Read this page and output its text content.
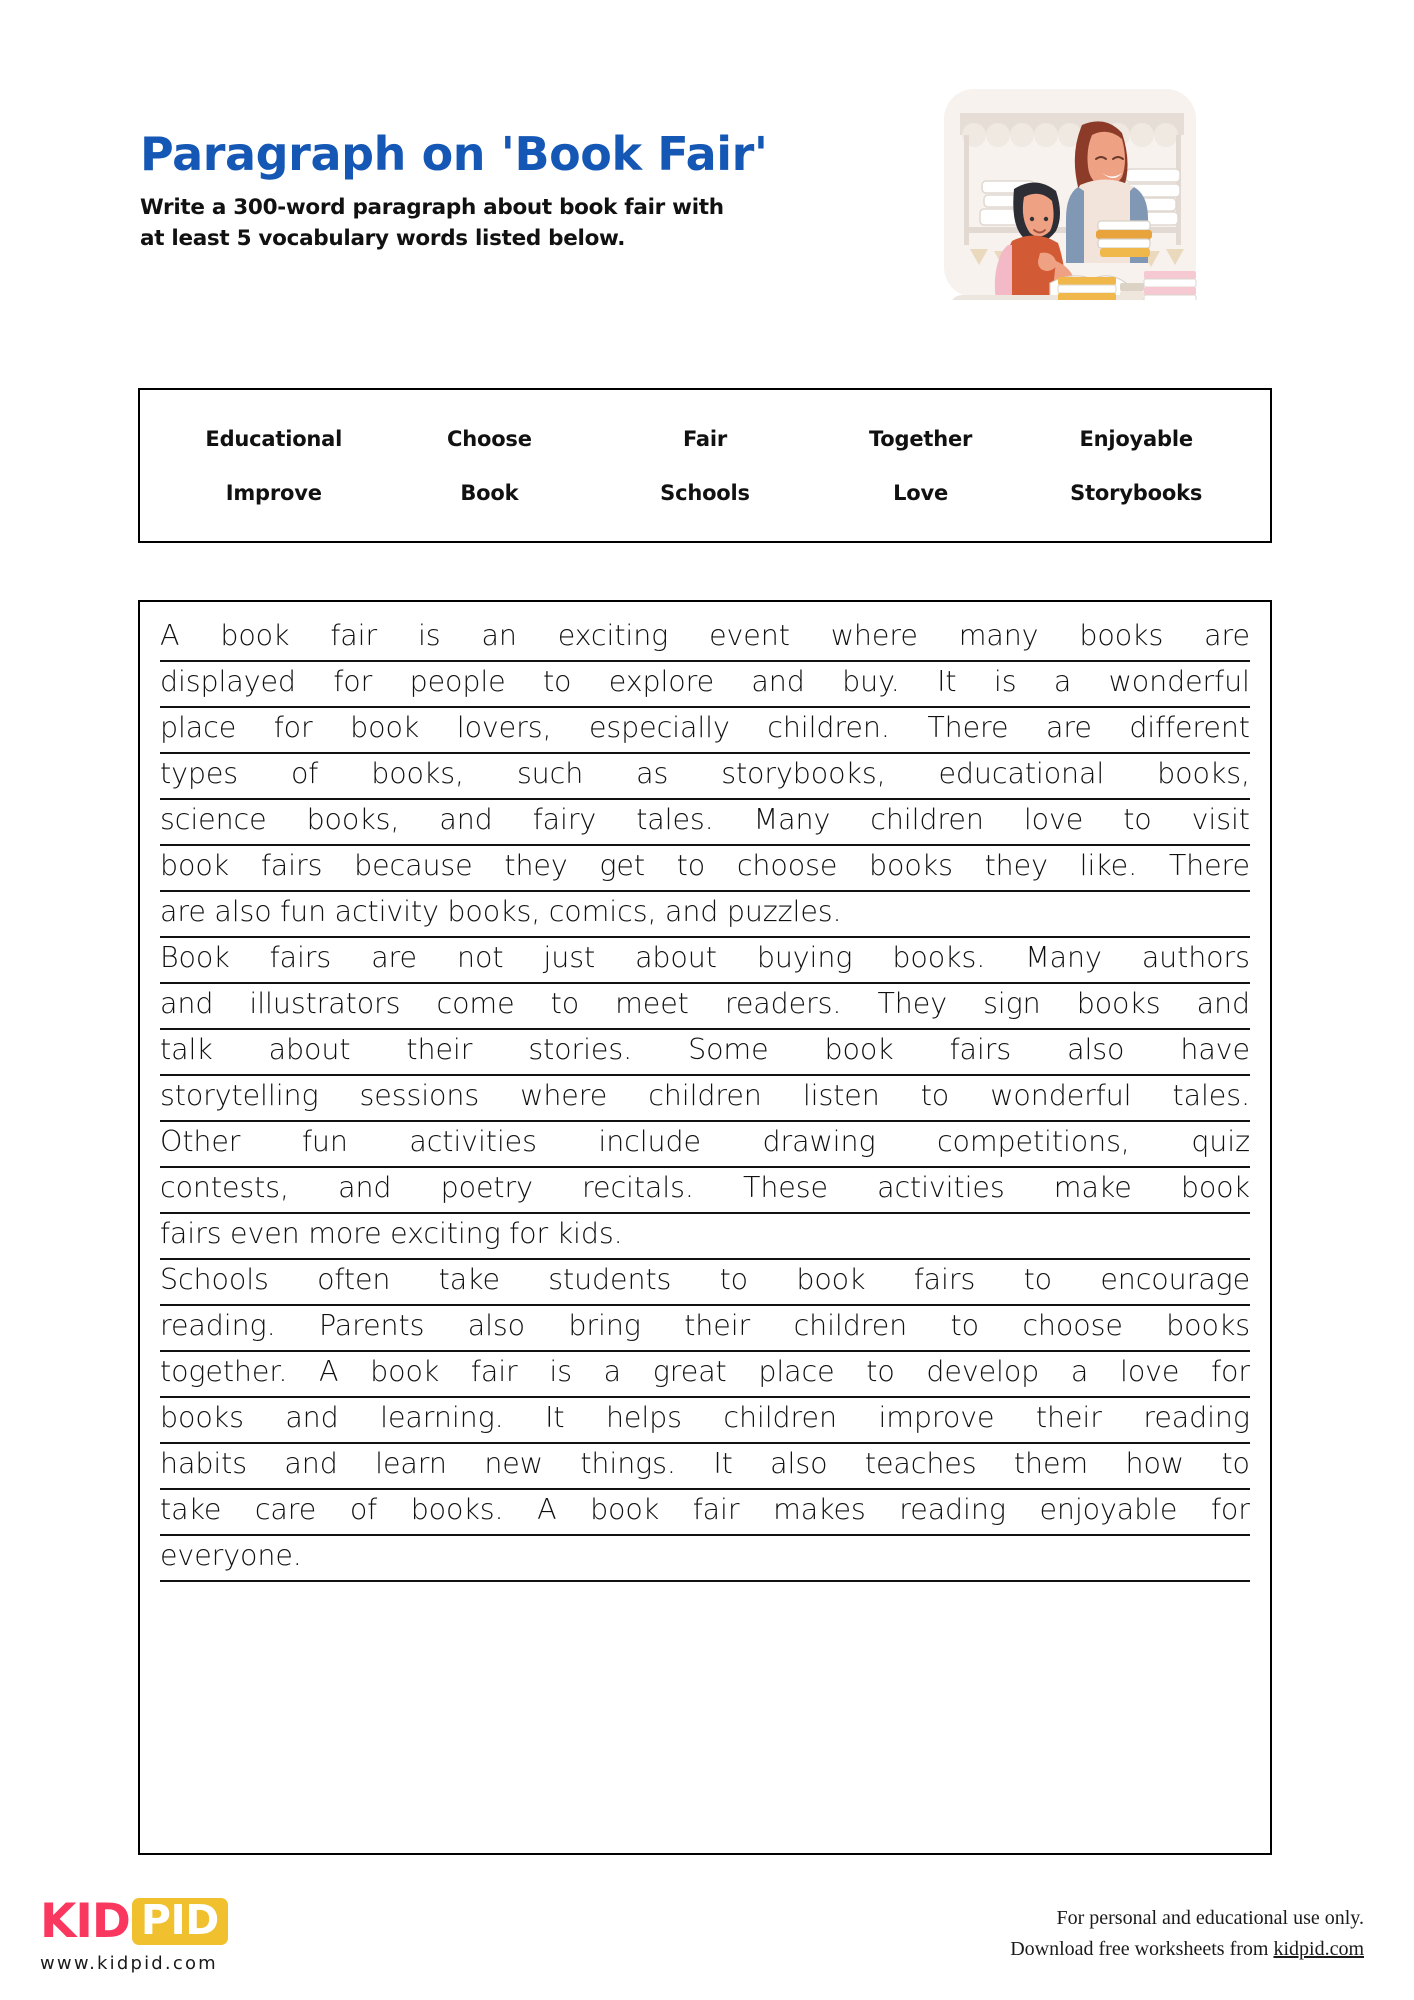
Paragraph on 'Book Fair'
Write a 300-word paragraph about book fair with
at least 5 vocabulary words listed below.
Educational	Choose	Fair	Together	Enjoyable
Improve	Book	Schools	Love	Storybooks
A book fair is an exciting event where many books are
displayed for people to explore and buy. It is a wonderful
place for book lovers, especially children. There are different
types of books, such as storybooks, educational books,
science books, and fairy tales. Many children love to visit
book fairs because they get to choose books they like. There
are also fun activity books, comics, and puzzles.
Book fairs are not just about buying books. Many authors
and illustrators come to meet readers. They sign books and
talk about their stories. Some book fairs also have
storytelling sessions where children listen to wonderful tales.
Other fun activities include drawing competitions, quiz
contests, and poetry recitals. These activities make book
fairs even more exciting for kids.
Schools often take students to book fairs to encourage
reading. Parents also bring their children to choose books
together. A book fair is a great place to develop a love for
books and learning. It helps children improve their reading
habits and learn new things. It also teaches them how to
take care of books. A book fair makes reading enjoyable for
everyone.
KID PID
www.kidpid.com
For personal and educational use only.
Download free worksheets from kidpid.com
